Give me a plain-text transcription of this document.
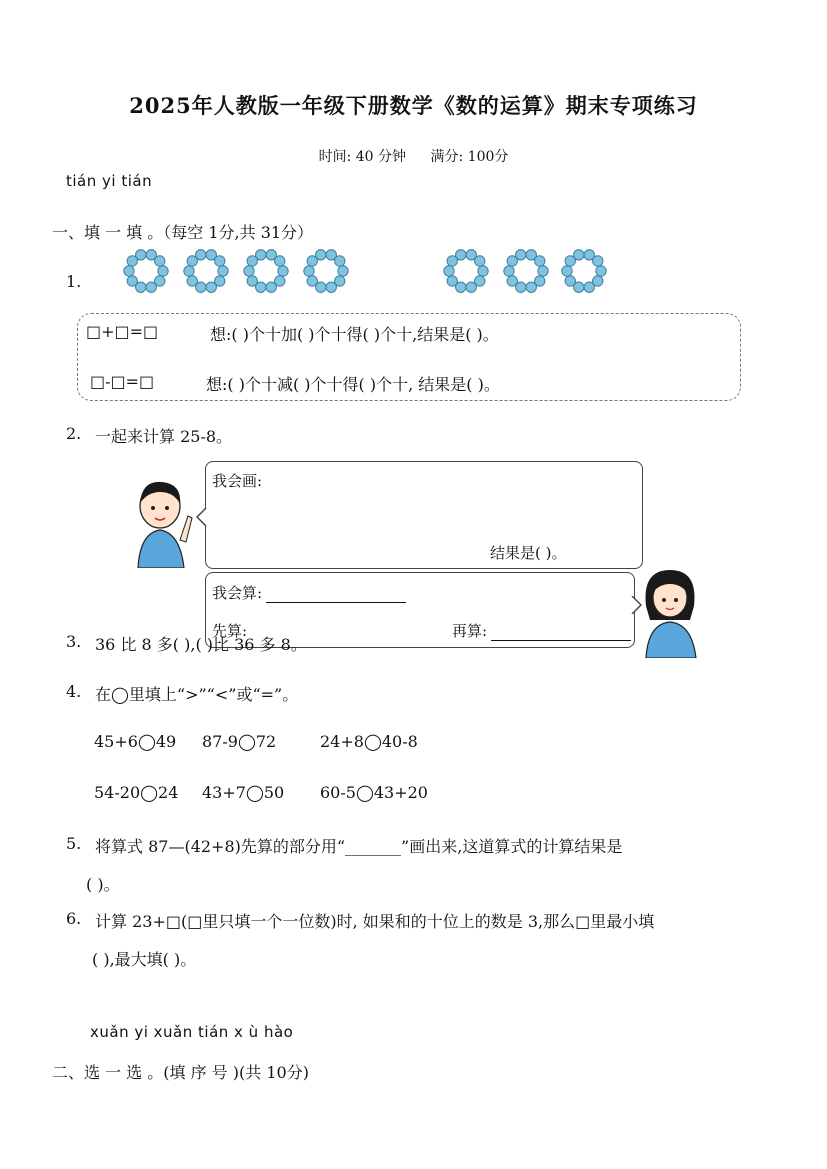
2025年人教版一年级下册数学《数的运算》期末专项练习
时间: 40 分钟 满分: 100分
tián yi tián
一、填 一 填 。（每空 1分,共 31分）
1.
□+□=□	想:( )个十加( )个十得( )个十,结果是( )。
□-□=□	想:( )个十减( )个十得( )个十, 结果是( )。
2. 一起来计算 25-8。
我会画:
结果是( )。
我会算:
再算:
3. 36 比 8 多( ),( )比 36 多 8。
先算:
4. 在◯里填上“>”“<”或“=”。
45+6◯49 87-9◯72	24+8◯40-8
54-20◯24 43+7◯50 60-5◯43+20
5. 将算式 87—(42+8)先算的部分用“_______”画出来,这道算式的计算结果是
( )。
6. 计算 23+□(□里只填一个一位数)时, 如果和的十位上的数是 3,那么□里最小填
( ),最大填( )。
xuǎn yi xuǎn tián x ù hào
二、选 一 选 。(填 序 号 )(共 10分)
